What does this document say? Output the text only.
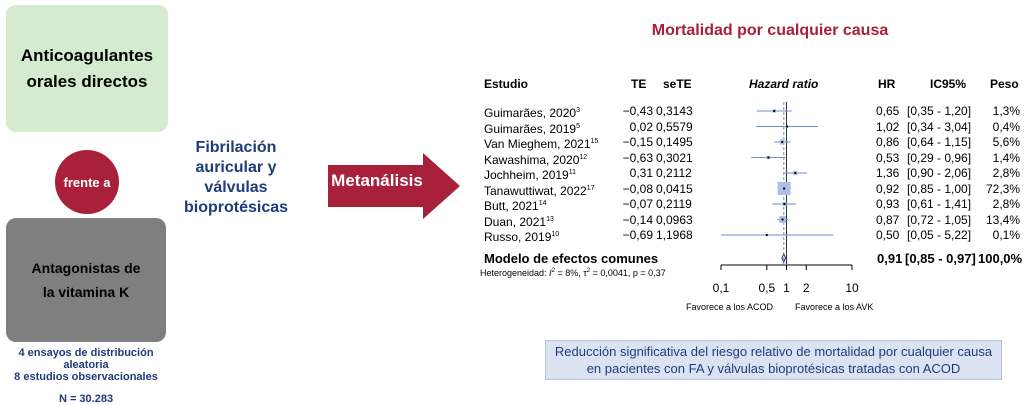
Anticoagulantes orales directos
frente a
Antagonistas de la vitamina K
4 ensayos de distribución aleatoria
8 estudios observacionales
N = 30.283
Fibrilación auricular y válvulas bioprotésicas
Metanálisis
Mortalidad por cualquier causa
Estudio	TE seTE	Hazard ratio	HR	IC95% Peso
Guimarães, $2020^3$	−0,43 0,3143	0,65 [0,35 - 1,20]	1,3%
Guimarães, 2019$^5$	0,02 0,5579	1,02 [0,34 - 3,04]	0,4%
Van Mieghem, $2021^{15}$	−0,15 0,1495	0,86 [0,64 - 1,15]	5,6%
Kawashima, $2020^{12}$	−0,63 0,3021	0,53 [0,29 - 0,96]	1,4%
Jochheim, 2019$^{11}$	0,31 0,2112	1,36 [0,90 - 2,06]	2,8%
Tanawuttiwat, $2022^{17}$	−0,08 0,0415	0,92 [0,85 - 1,00] 72,3%
Butt, $2021^{14}$	−0,07 0,2119	0,93 [0,61 - 1,41]	2,8%
Duan, $2021^{13}$	−0,14 0,0963	0,87 [0,72 - 1,05] 13,4%
Russo, $2019^{10}$	−0,69 1,1968	0,50 [0,05 - 5,22]	0,1%
Modelo de efectos comunes	0,91 [0,85 - 0,97] 100,0%
Heterogeneidad: $I^2 = 8\%$, $\tau^2 = 0,0041$, p = 0,37
0,1 0,5 1 2	10
Favorece a los ACOD Favorece a los AVK
Reducción significativa del riesgo relativo de mortalidad por cualquier causa en pacientes con FA y válvulas bioprotésicas tratadas con ACOD
